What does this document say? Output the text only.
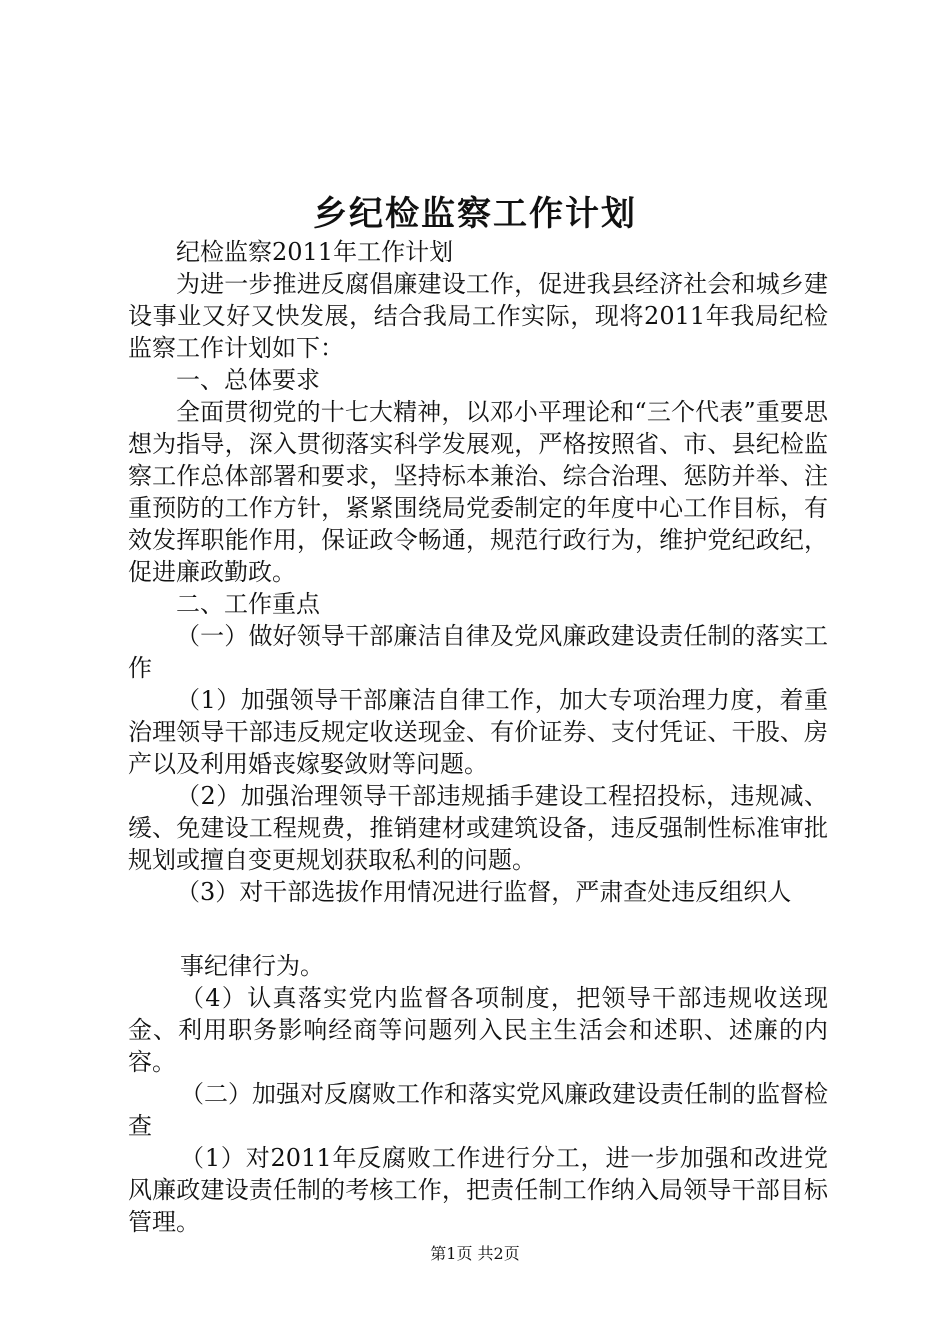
乡纪检监察工作计划

纪检监察2011年工作计划

为进一步推进反腐倡廉建设工作，促进我县经济社会和城乡建设事业又好又快发展，结合我局工作实际，现将2011年我局纪检监察工作计划如下：

一、总体要求

全面贯彻党的十七大精神，以邓小平理论和“三个代表”重要思想为指导，深入贯彻落实科学发展观，严格按照省、市、县纪检监察工作总体部署和要求，坚持标本兼治、综合治理、惩防并举、注重预防的工作方针，紧紧围绕局党委制定的年度中心工作目标，有效发挥职能作用，保证政令畅通，规范行政行为，维护党纪政纪，促进廉政勤政。

二、工作重点

（一）做好领导干部廉洁自律及党风廉政建设责任制的落实工作

（1）加强领导干部廉洁自律工作，加大专项治理力度，着重治理领导干部违反规定收送现金、有价证券、支付凭证、干股、房产以及利用婚丧嫁娶敛财等问题。

（2）加强治理领导干部违规插手建设工程招投标，违规减、缓、免建设工程规费，推销建材或建筑设备，违反强制性标准审批规划或擅自变更规划获取私利的问题。

（3）对干部选拔作用情况进行监督，严肃查处违反组织人

事纪律行为。

（4）认真落实党内监督各项制度，把领导干部违规收送现金、利用职务影响经商等问题列入民主生活会和述职、述廉的内容。

（二）加强对反腐败工作和落实党风廉政建设责任制的监督检查

（1）对2011年反腐败工作进行分工，进一步加强和改进党风廉政建设责任制的考核工作，把责任制工作纳入局领导干部目标管理。

第1页 共2页
